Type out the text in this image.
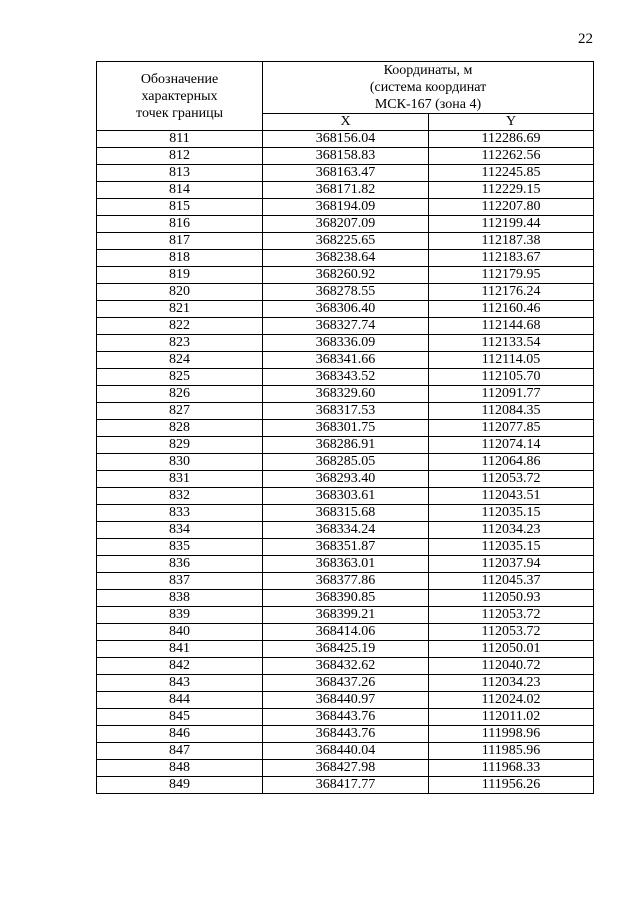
22
Обозначение
характерных
точек границы	Координаты, м
(система координат
МСК-167 (зона 4)	

	X	Y
811	368156.04	112286.69
812	368158.83	112262.56
813	368163.47	112245.85
814	368171.82	112229.15
815	368194.09	112207.80
816	368207.09	112199.44
817	368225.65	112187.38
818	368238.64	112183.67
819	368260.92	112179.95
820	368278.55	112176.24
821	368306.40	112160.46
822	368327.74	112144.68
823	368336.09	112133.54
824	368341.66	112114.05
825	368343.52	112105.70
826	368329.60	112091.77
827	368317.53	112084.35
828	368301.75	112077.85
829	368286.91	112074.14
830	368285.05	112064.86
831	368293.40	112053.72
832	368303.61	112043.51
833	368315.68	112035.15
834	368334.24	112034.23
835	368351.87	112035.15
836	368363.01	112037.94
837	368377.86	112045.37
838	368390.85	112050.93
839	368399.21	112053.72
840	368414.06	112053.72
841	368425.19	112050.01
842	368432.62	112040.72
843	368437.26	112034.23
844	368440.97	112024.02
845	368443.76	112011.02
846	368443.76	111998.96
847	368440.04	111985.96
848	368427.98	111968.33
849	368417.77	111956.26
